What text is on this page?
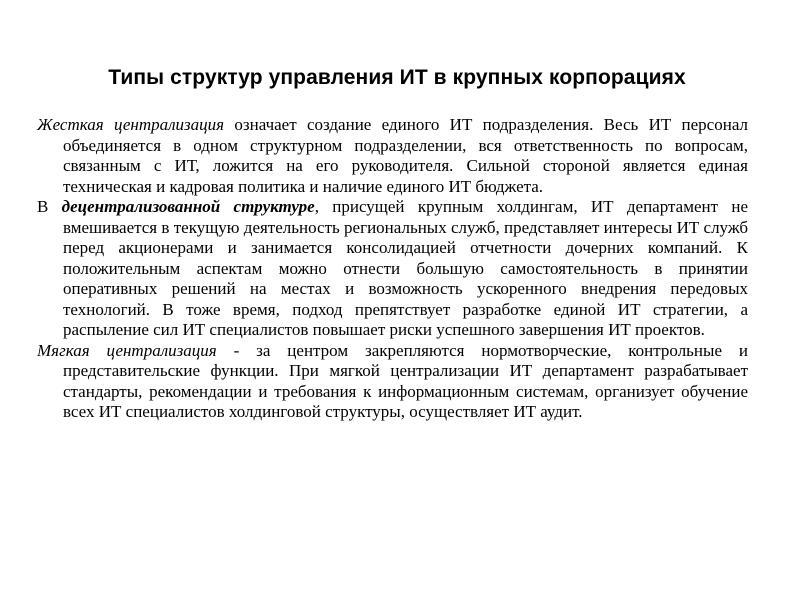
Типы структур управления ИТ в крупных корпорациях

Жесткая централизация означает создание единого ИТ подразделения. Весь ИТ персонал объединяется в одном структурном подразделении, вся ответственность по вопросам, связанным с ИТ, ложится на его руководителя. Сильной стороной является единая техническая и кадровая политика и наличие единого ИТ бюджета.

В децентрализованной структуре, присущей крупным холдингам, ИТ департамент не вмешивается в текущую деятельность региональных служб, представляет интересы ИТ служб перед акционерами и занимается консолидацией отчетности дочерних компаний. К положительным аспектам можно отнести большую самостоятельность в принятии оперативных решений на местах и возможность ускоренного внедрения передовых технологий. В тоже время, подход препятствует разработке единой ИТ стратегии, а распыление сил ИТ специалистов повышает риски успешного завершения ИТ проектов.

Мягкая централизация - за центром закрепляются нормотворческие, контрольные и представительские функции. При мягкой централизации ИТ департамент разрабатывает стандарты, рекомендации и требования к информационным системам, организует обучение всех ИТ специалистов холдинговой структуры, осуществляет ИТ аудит.
